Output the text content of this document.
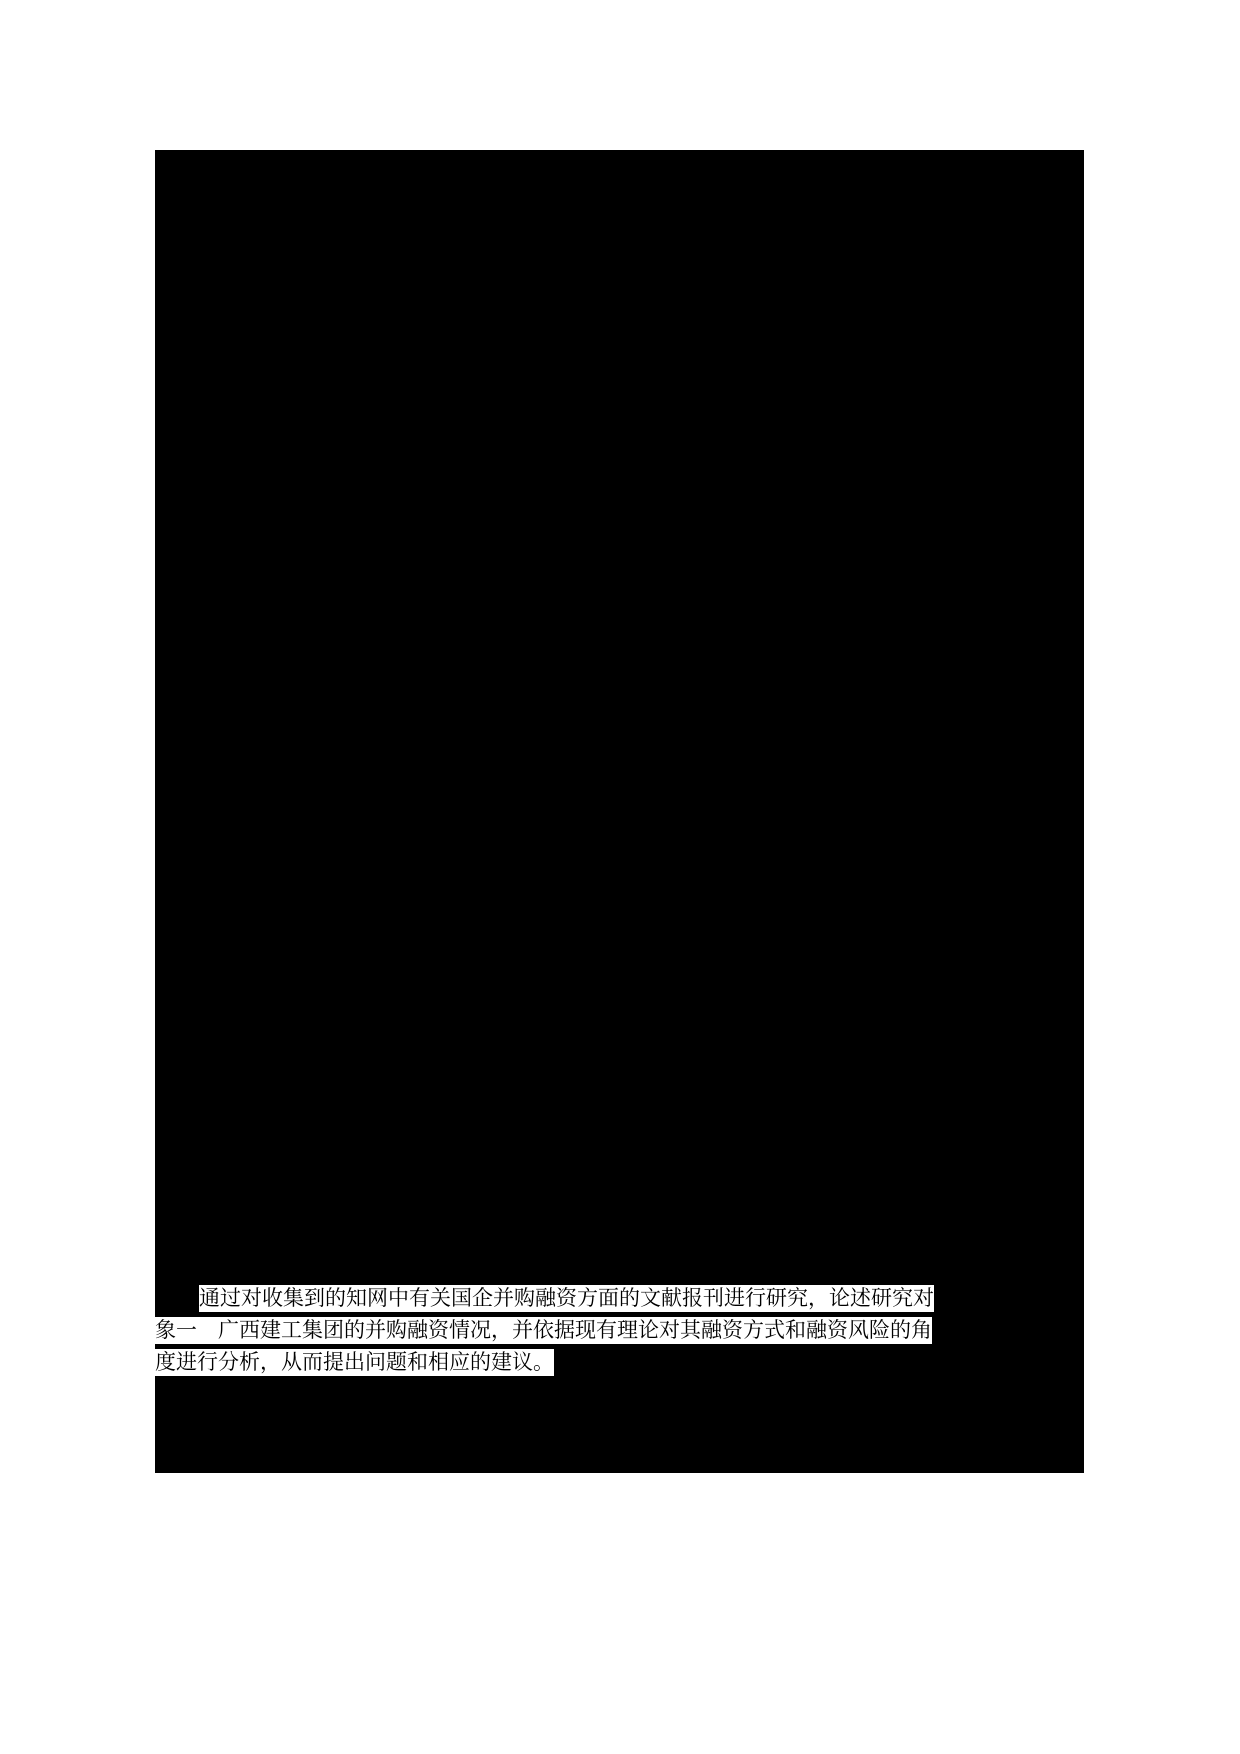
通过对收集到的知网中有关国企并购融资方面的文献报刊进行研究，论述研究对
象一　广西建工集团的并购融资情况，并依据现有理论对其融资方式和融资风险的角
度进行分析，从而提出问题和相应的建议。
